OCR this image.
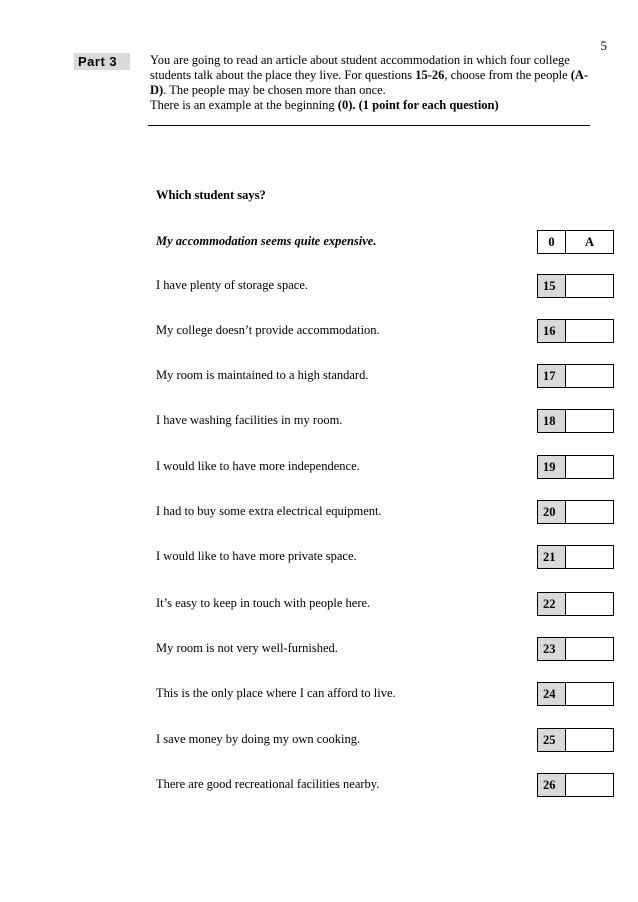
5
Part 3	You are going to read an article about student accommodation in which four college students talk about the place they live. For questions 15-26, choose from the people (A-D). The people may be chosen more than once.

There is an example at the beginning (0). (1 point for each question)

Which student says?
My accommodation seems quite expensive.	0	A
I have plenty of storage space.	15
My college doesn’t provide accommodation.	16
My room is maintained to a high standard.	17
I have washing facilities in my room.	18
I would like to have more independence.	19
I had to buy some extra electrical equipment.	20
I would like to have more private space.	21
It’s easy to keep in touch with people here.	22
My room is not very well-furnished.	23
This is the only place where I can afford to live.	24
I save money by doing my own cooking.	25
There are good recreational facilities nearby.	26
